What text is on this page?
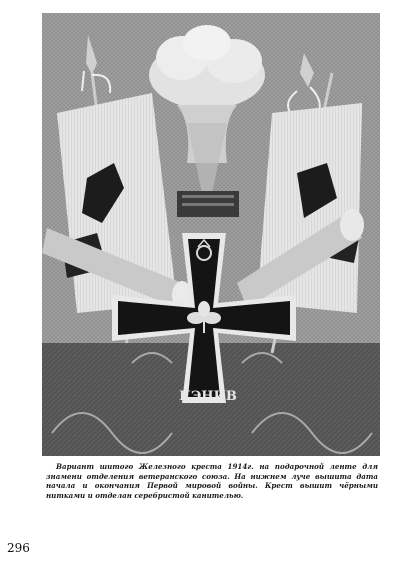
КЭНИВ
Вариант шитого Железного креста 1914г. на подарочной ленте для знамени отделения ветеранского союза. На нижнем луче вышита дата начала и окончания Первой мировой войны. Крест вышит чёрными нитками и отделан серебристой канителью.
296
